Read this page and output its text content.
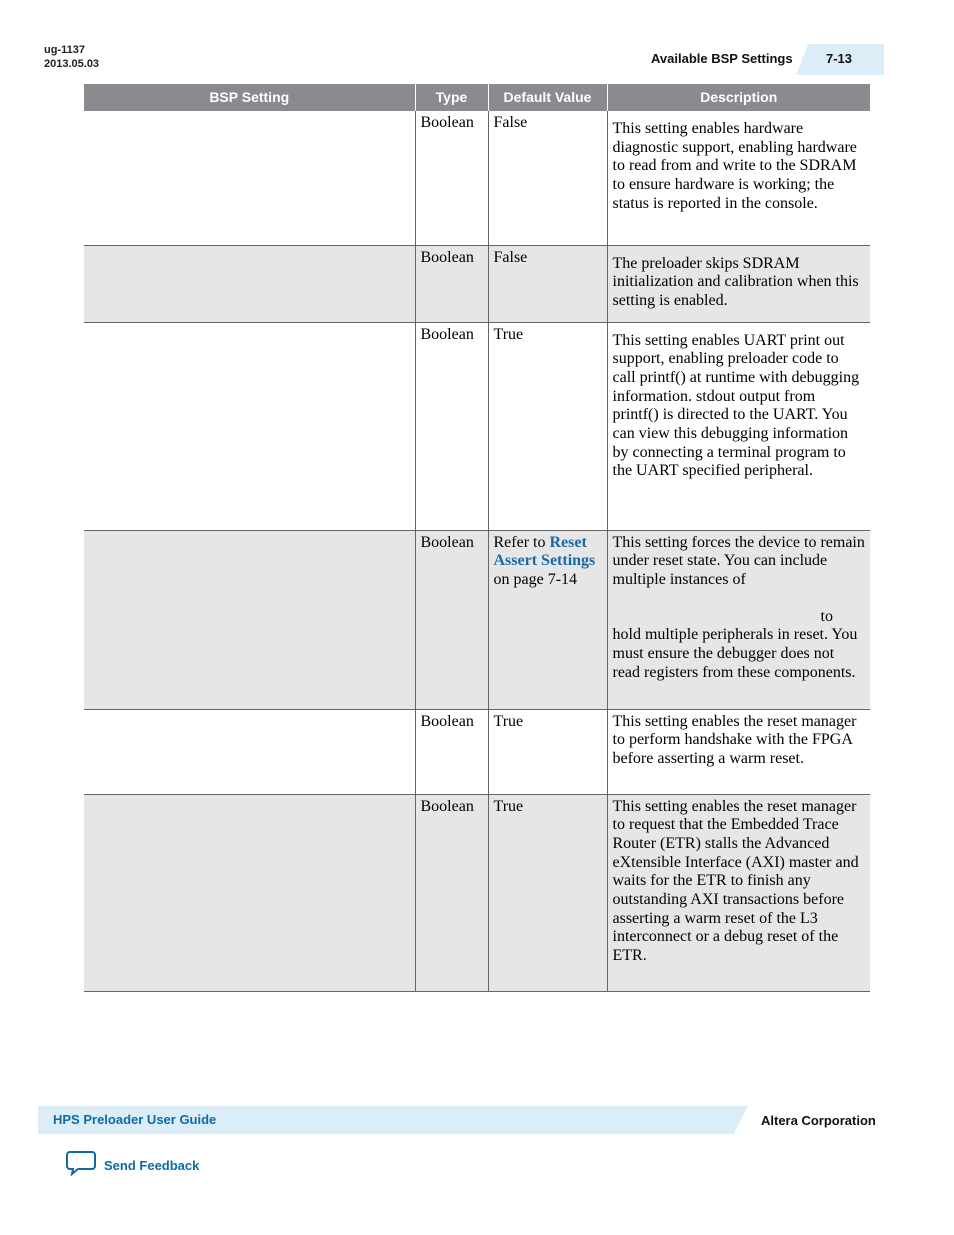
ug-1137
2013.05.03	Available BSP Settings	7-13
BSP Setting	Type	Default Value	Description
	Boolean	False	This setting enables hardware diagnostic support, enabling hardware to read from and write to the SDRAM to ensure hardware is working; the status is reported in the console.

	Boolean	False	The preloader skips SDRAM initialization and calibration when this setting is enabled.

	Boolean	True	This setting enables UART print out support, enabling preloader code to call printf() at runtime with debugging information. stdout output from printf() is directed to the UART. You can view this debugging information by connecting a terminal program to the UART specified peripheral.

	Boolean	Refer to Reset Assert Settings on page 7-14	This setting forces the device to remain under reset state. You can include multiple instances of
to
hold multiple peripherals in reset. You must ensure the debugger does not read registers from these components.

	Boolean	True	This setting enables the reset manager to perform handshake with the FPGA before asserting a warm reset.
	Boolean	True	This setting enables the reset manager to request that the Embedded Trace Router (ETR) stalls the Advanced eXtensible Interface (AXI) master and waits for the ETR to finish any outstanding AXI transactions before asserting a warm reset of the L3 interconnect or a debug reset of the ETR.
HPS Preloader User Guide	Altera Corporation
Send Feedback
